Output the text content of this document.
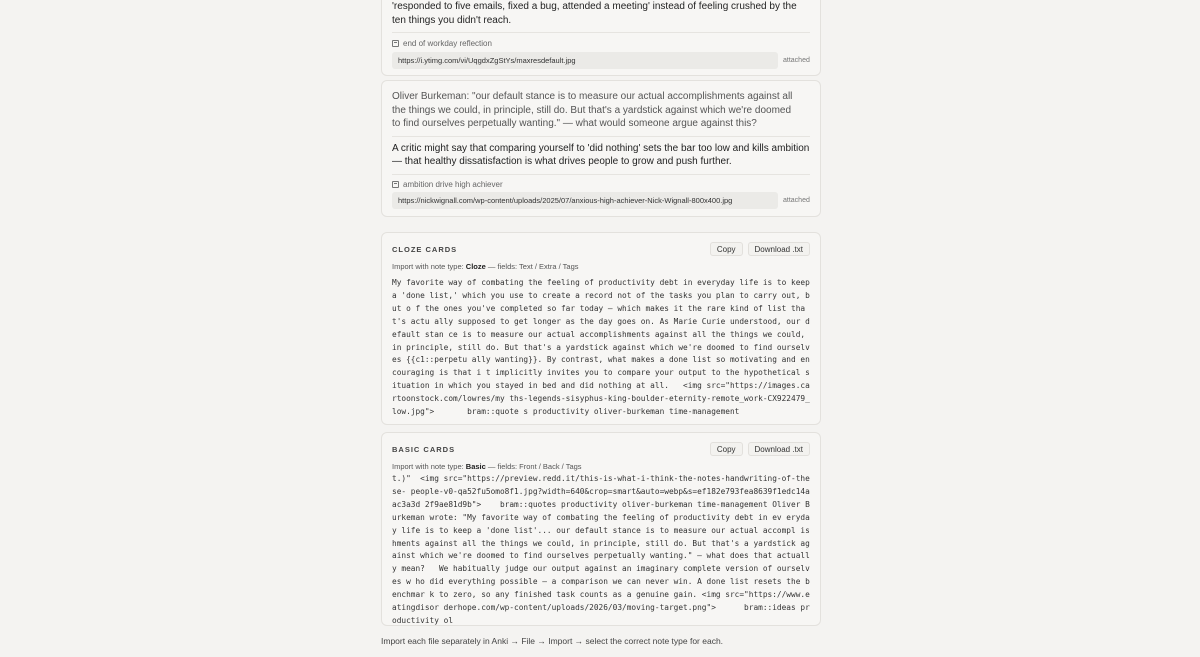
'responded to five emails, fixed a bug, attended a meeting' instead of feeling crushed by the ten things you didn't reach.
end of workday reflection
https://i.ytimg.com/vi/UqgdxZgStYs/maxresdefault.jpg	attached
Oliver Burkeman: "our default stance is to measure our actual accomplishments against all the things we could, in principle, still do. But that's a yardstick against which we're doomed to find ourselves perpetually wanting." — what would someone argue against this?
A critic might say that comparing yourself to 'did nothing' sets the bar too low and kills ambition — that healthy dissatisfaction is what drives people to grow and push further.
ambition drive high achiever
https://nickwignall.com/wp-content/uploads/2025/07/anxious-high-achiever-Nick-Wignall-800x400.jpg	attached
CLOZE CARDS	Copy	Download .txt
Import with note type: Cloze — fields: Text / Extra / Tags
My favorite way of combating the feeling of productivity debt in everyday life is to keep a 'done list,' which you use to create a record not of the tasks you plan to carry out, but o f the ones you've completed so far today — which makes it the rare kind of list that's actu ally supposed to get longer as the day goes on. As Marie Curie understood, our default stan ce is to measure our actual accomplishments against all the things we could, in principle, still do. But that's a yardstick against which we're doomed to find ourselves {{c1::perpetu ally wanting}}. By contrast, what makes a done list so motivating and encouraging is that i t implicitly invites you to compare your output to the hypothetical situation in which you stayed in bed and did nothing at all.   <img src="https://images.cartoonstock.com/lowres/my ths-legends-sisyphus-king-boulder-eternity-remote_work-CX922479_low.jpg">       bram::quote s productivity oliver-burkeman time-management
BASIC CARDS	Copy	Download .txt
Import with note type: Basic — fields: Front / Back / Tags
t.)"  <img src="https://preview.redd.it/this-is-what-i-think-the-notes-handwriting-of-these- people-v0-qa52fu5omo8f1.jpg?width=640&crop=smart&auto=webp&s=ef182e793fea8639f1edc14aac3a3d 2f9ae81d9b">    bram::quotes productivity oliver-burkeman time-management Oliver Burkeman wrote: "My favorite way of combating the feeling of productivity debt in ev eryday life is to keep a 'done list'... our default stance is to measure our actual accompl ishments against all the things we could, in principle, still do. But that's a yardstick ag ainst which we're doomed to find ourselves perpetually wanting." — what does that actually mean?   We habitually judge our output against an imaginary complete version of ourselves w ho did everything possible — a comparison we can never win. A done list resets the benchmar k to zero, so any finished task counts as a genuine gain. <img src="https://www.eatingdisor derhope.com/wp-content/uploads/2026/03/moving-target.png">      bram::ideas productivity ol
Import each file separately in Anki → File → Import → select the correct note type for each.
